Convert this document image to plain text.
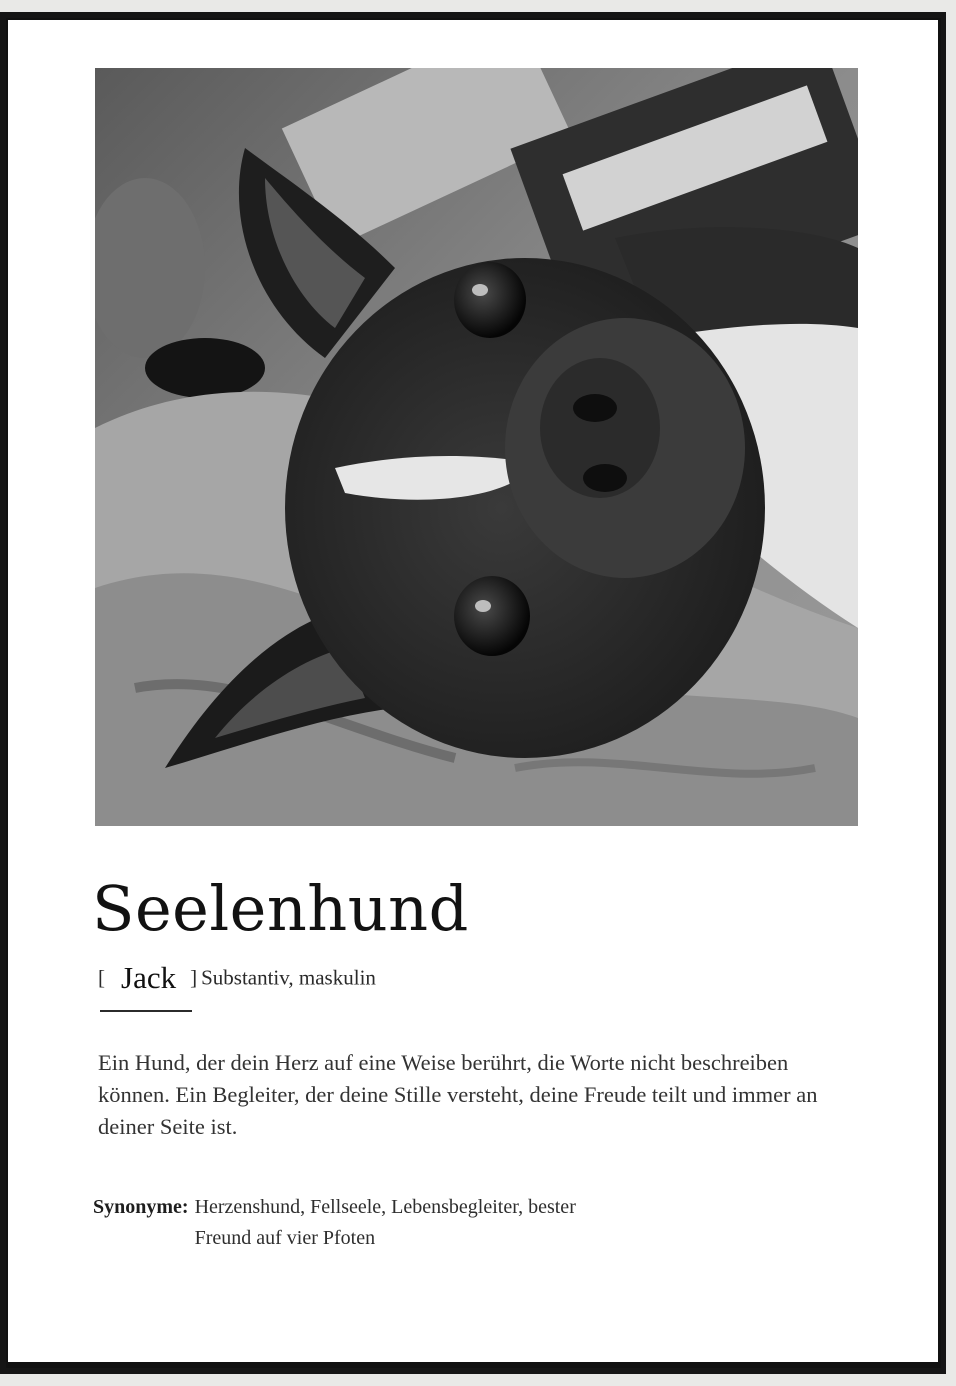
Seelenhund
[ Jack ] Substantiv, maskulin

Ein Hund, der dein Herz auf eine Weise berührt, die Worte nicht beschreiben können. Ein Begleiter, der deine Stille versteht, deine Freude teilt und immer an deiner Seite ist.

Synonyme: Herzenshund, Fellseele, Lebensbegleiter, bester Freund auf vier Pfoten
